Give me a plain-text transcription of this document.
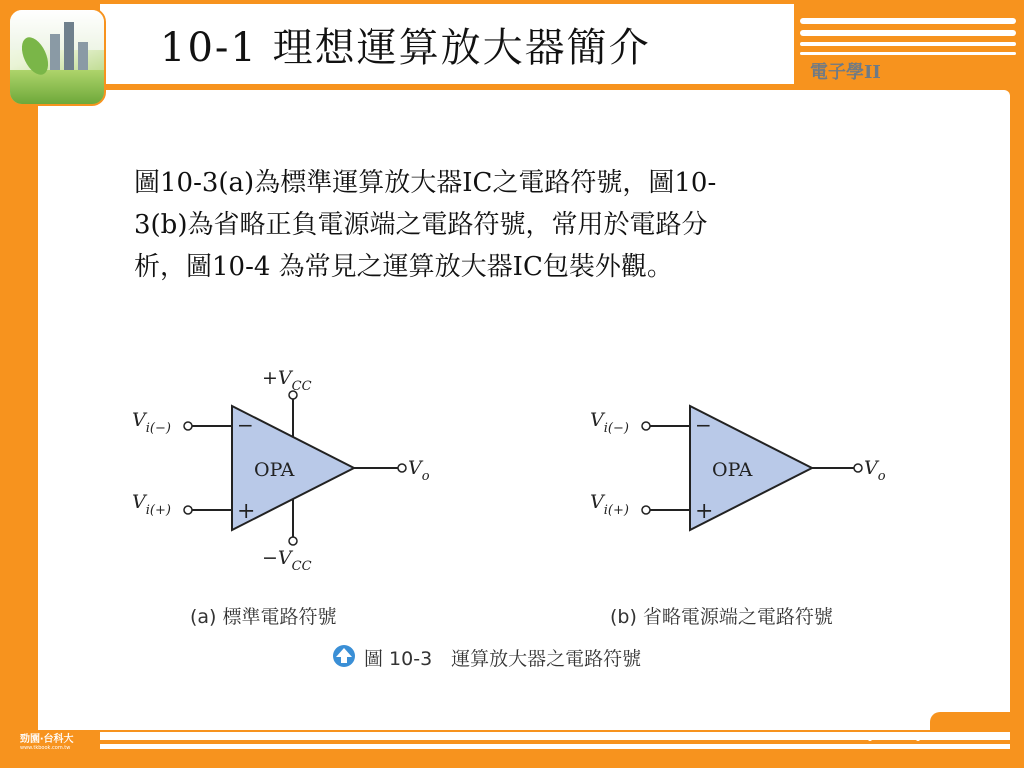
10-1 理想運算放大器簡介
電子學II
圖10-3(a)為標準運算放大器IC之電路符號，圖10-
3(b)為省略正負電源端之電路符號，常用於電路分
析，圖10-4 為常見之運算放大器IC包裝外觀。
OPA
−
+
$V_{i(-)}$
$V_{i(+)}$
$V_o$
$+V_{CC}$
$-V_{CC}$
OPA
−
+
$V_{i(-)}$
$V_{i(+)}$
$V_o$
(a) 標準電路符號	(b) 省略電源端之電路符號
圖 10-3　運算放大器之電路符號
勁園‧台科大
www.tkbook.com.tw
